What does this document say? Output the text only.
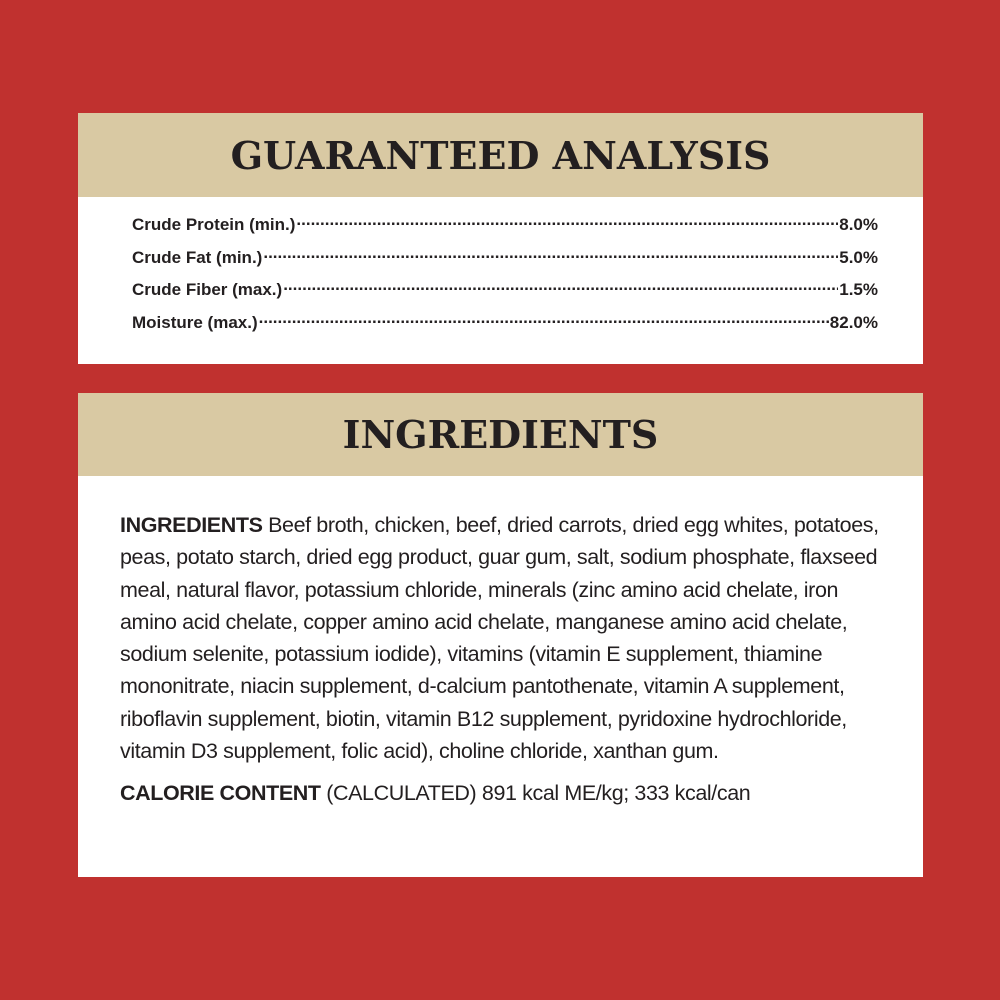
GUARANTEED ANALYSIS
Crude Protein (min.) .....	8.0%
Crude Fat (min.) .....	5.0%
Crude Fiber (max.) .....	1.5%
Moisture (max.) .....	82.0%
INGREDIENTS

INGREDIENTS Beef broth, chicken, beef, dried carrots, dried egg whites, potatoes, peas, potato starch, dried egg product, guar gum, salt, sodium phosphate, flaxseed meal, natural flavor, potassium chloride, minerals (zinc amino acid chelate, iron amino acid chelate, copper amino acid chelate, manganese amino acid chelate, sodium selenite, potassium iodide), vitamins (vitamin E supplement, thiamine mononitrate, niacin supplement, d-calcium pantothenate, vitamin A supplement, riboflavin supplement, biotin, vitamin B12 supplement, pyridoxine hydrochloride, vitamin D3 supplement, folic acid), choline chloride, xanthan gum.

CALORIE CONTENT (CALCULATED) 891 kcal ME/kg; 333 kcal/can
